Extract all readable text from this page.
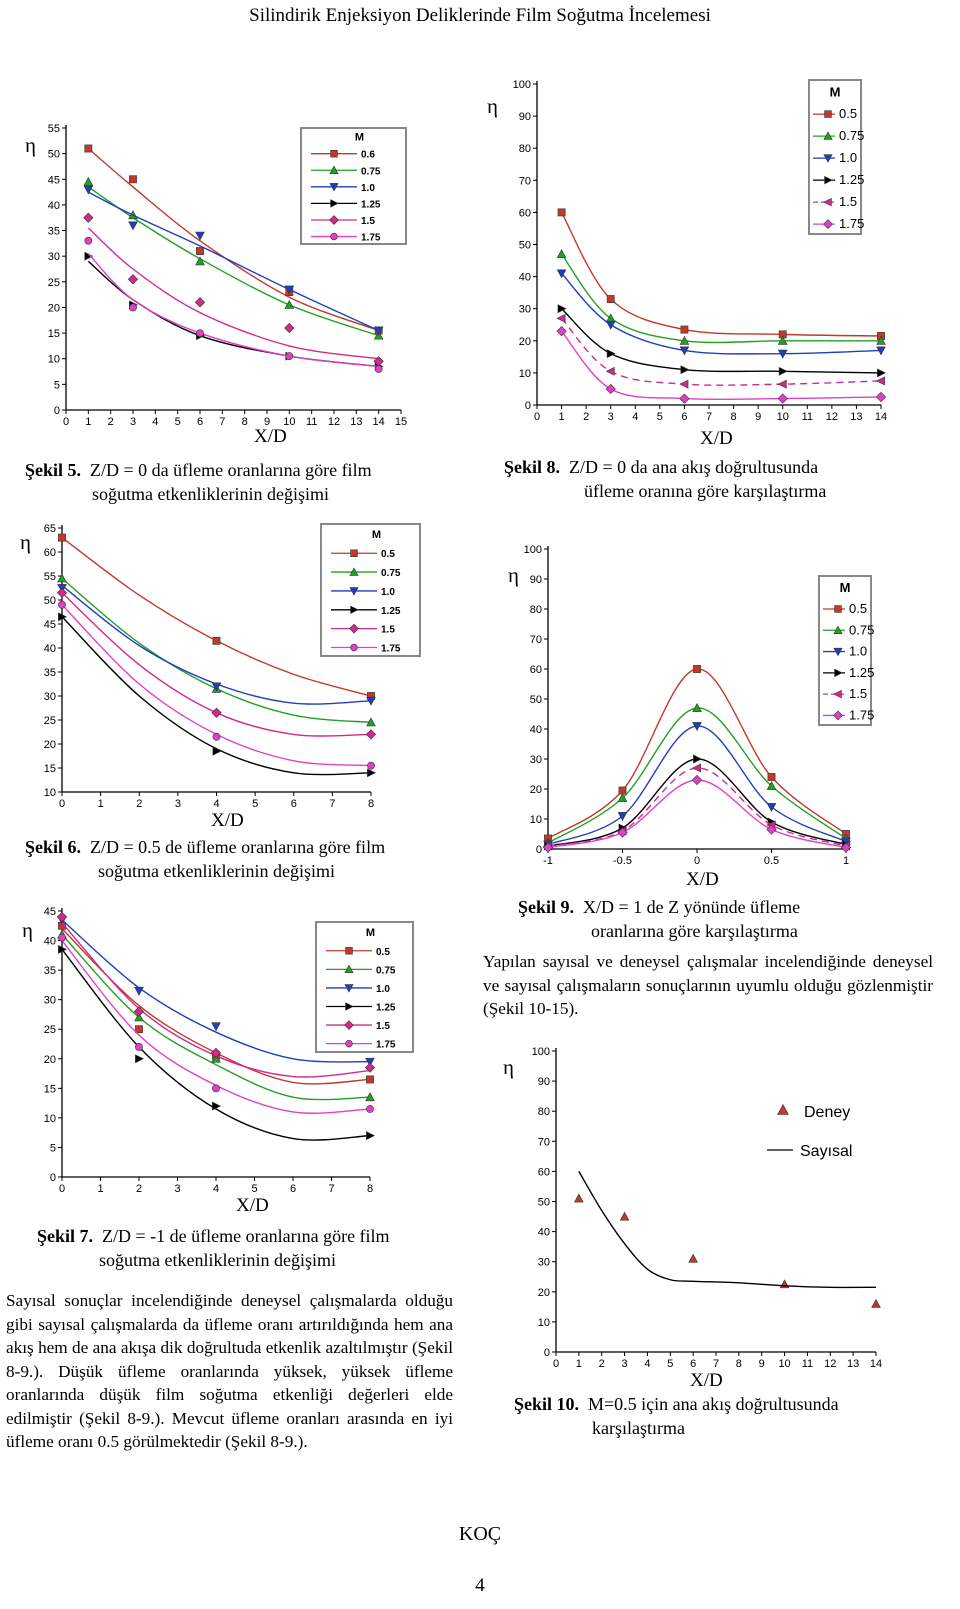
Silindirik Enjeksiyon Deliklerinde Film Soğutma İncelemesi
η
0
5
10
15
20
25
30
35
40
45
50
55
0 1 2 3 4 5 6 7 8 9 10 11 12 13 14 15
M
0.6
0.75
1.0
1.25
1.5
1.75
X/D
Şekil 5. Z/D = 0 da üfleme oranlarına göre film
soğutma etkenliklerinin değişimi
η
0
10
20
30
40
50
60
70
80
90
100
0 1 2 3 4 5 6 7 8 9 10 11 12 13 14
M
0.5
0.75
1.0
1.25
1.5
1.75
X/D
Şekil 8. Z/D = 0 da ana akış doğrultusunda
üfleme oranına göre karşılaştırma
η
10
15
20
25
30
35
40
45
50
55
60
65
0	1	2	3	4	5	6	7	8
M
0.5
0.75
1.0
1.25
1.5
1.75
X/D
Şekil 6. Z/D = 0.5 de üfleme oranlarına göre film
soğutma etkenliklerinin değişimi
η
0
10
20
30
40
50
60
70
80
90
100
-1	-0.5	0	0.5	1
M
0.5
0.75
1.0
1.25
1.5
1.75
X/D
Şekil 9. X/D = 1 de Z yönünde üfleme
oranlarına göre karşılaştırma
Yapılan sayısal ve deneysel çalışmalar incelendiğinde deneysel ve sayısal çalışmaların sonuçlarının uyumlu olduğu gözlenmiştir (Şekil 10-15).
η
0
5
10
15
20
25
30
35
40
45
0	1	2	3	4	5	6	7	8
M
0.5
0.75
1.0
1.25
1.5
1.75
X/D
Şekil 7. Z/D = -1 de üfleme oranlarına göre film
soğutma etkenliklerinin değişimi
η
0
10
20
30
40
50
60
70
80
90
100
0 1 2 3 4 5 6 7 8 9 10 11 12 13 14
Deney
Sayısal
X/D
Şekil 10. M=0.5 için ana akış doğrultusunda
karşılaştırma
Sayısal sonuçlar incelendiğinde deneysel çalışmalarda olduğu gibi sayısal çalışmalarda da üfleme oranı artırıldığında hem ana akış hem de ana akışa dik doğrultuda etkenlik azaltılmıştır (Şekil 8-9.). Düşük üfleme oranlarında yüksek, yüksek üfleme oranlarında düşük film soğutma etkenliği değerleri elde edilmiştir (Şekil 8-9.). Mevcut üfleme oranları arasında en iyi üfleme oranı 0.5 görülmektedir (Şekil 8-9.).
KOÇ
4
